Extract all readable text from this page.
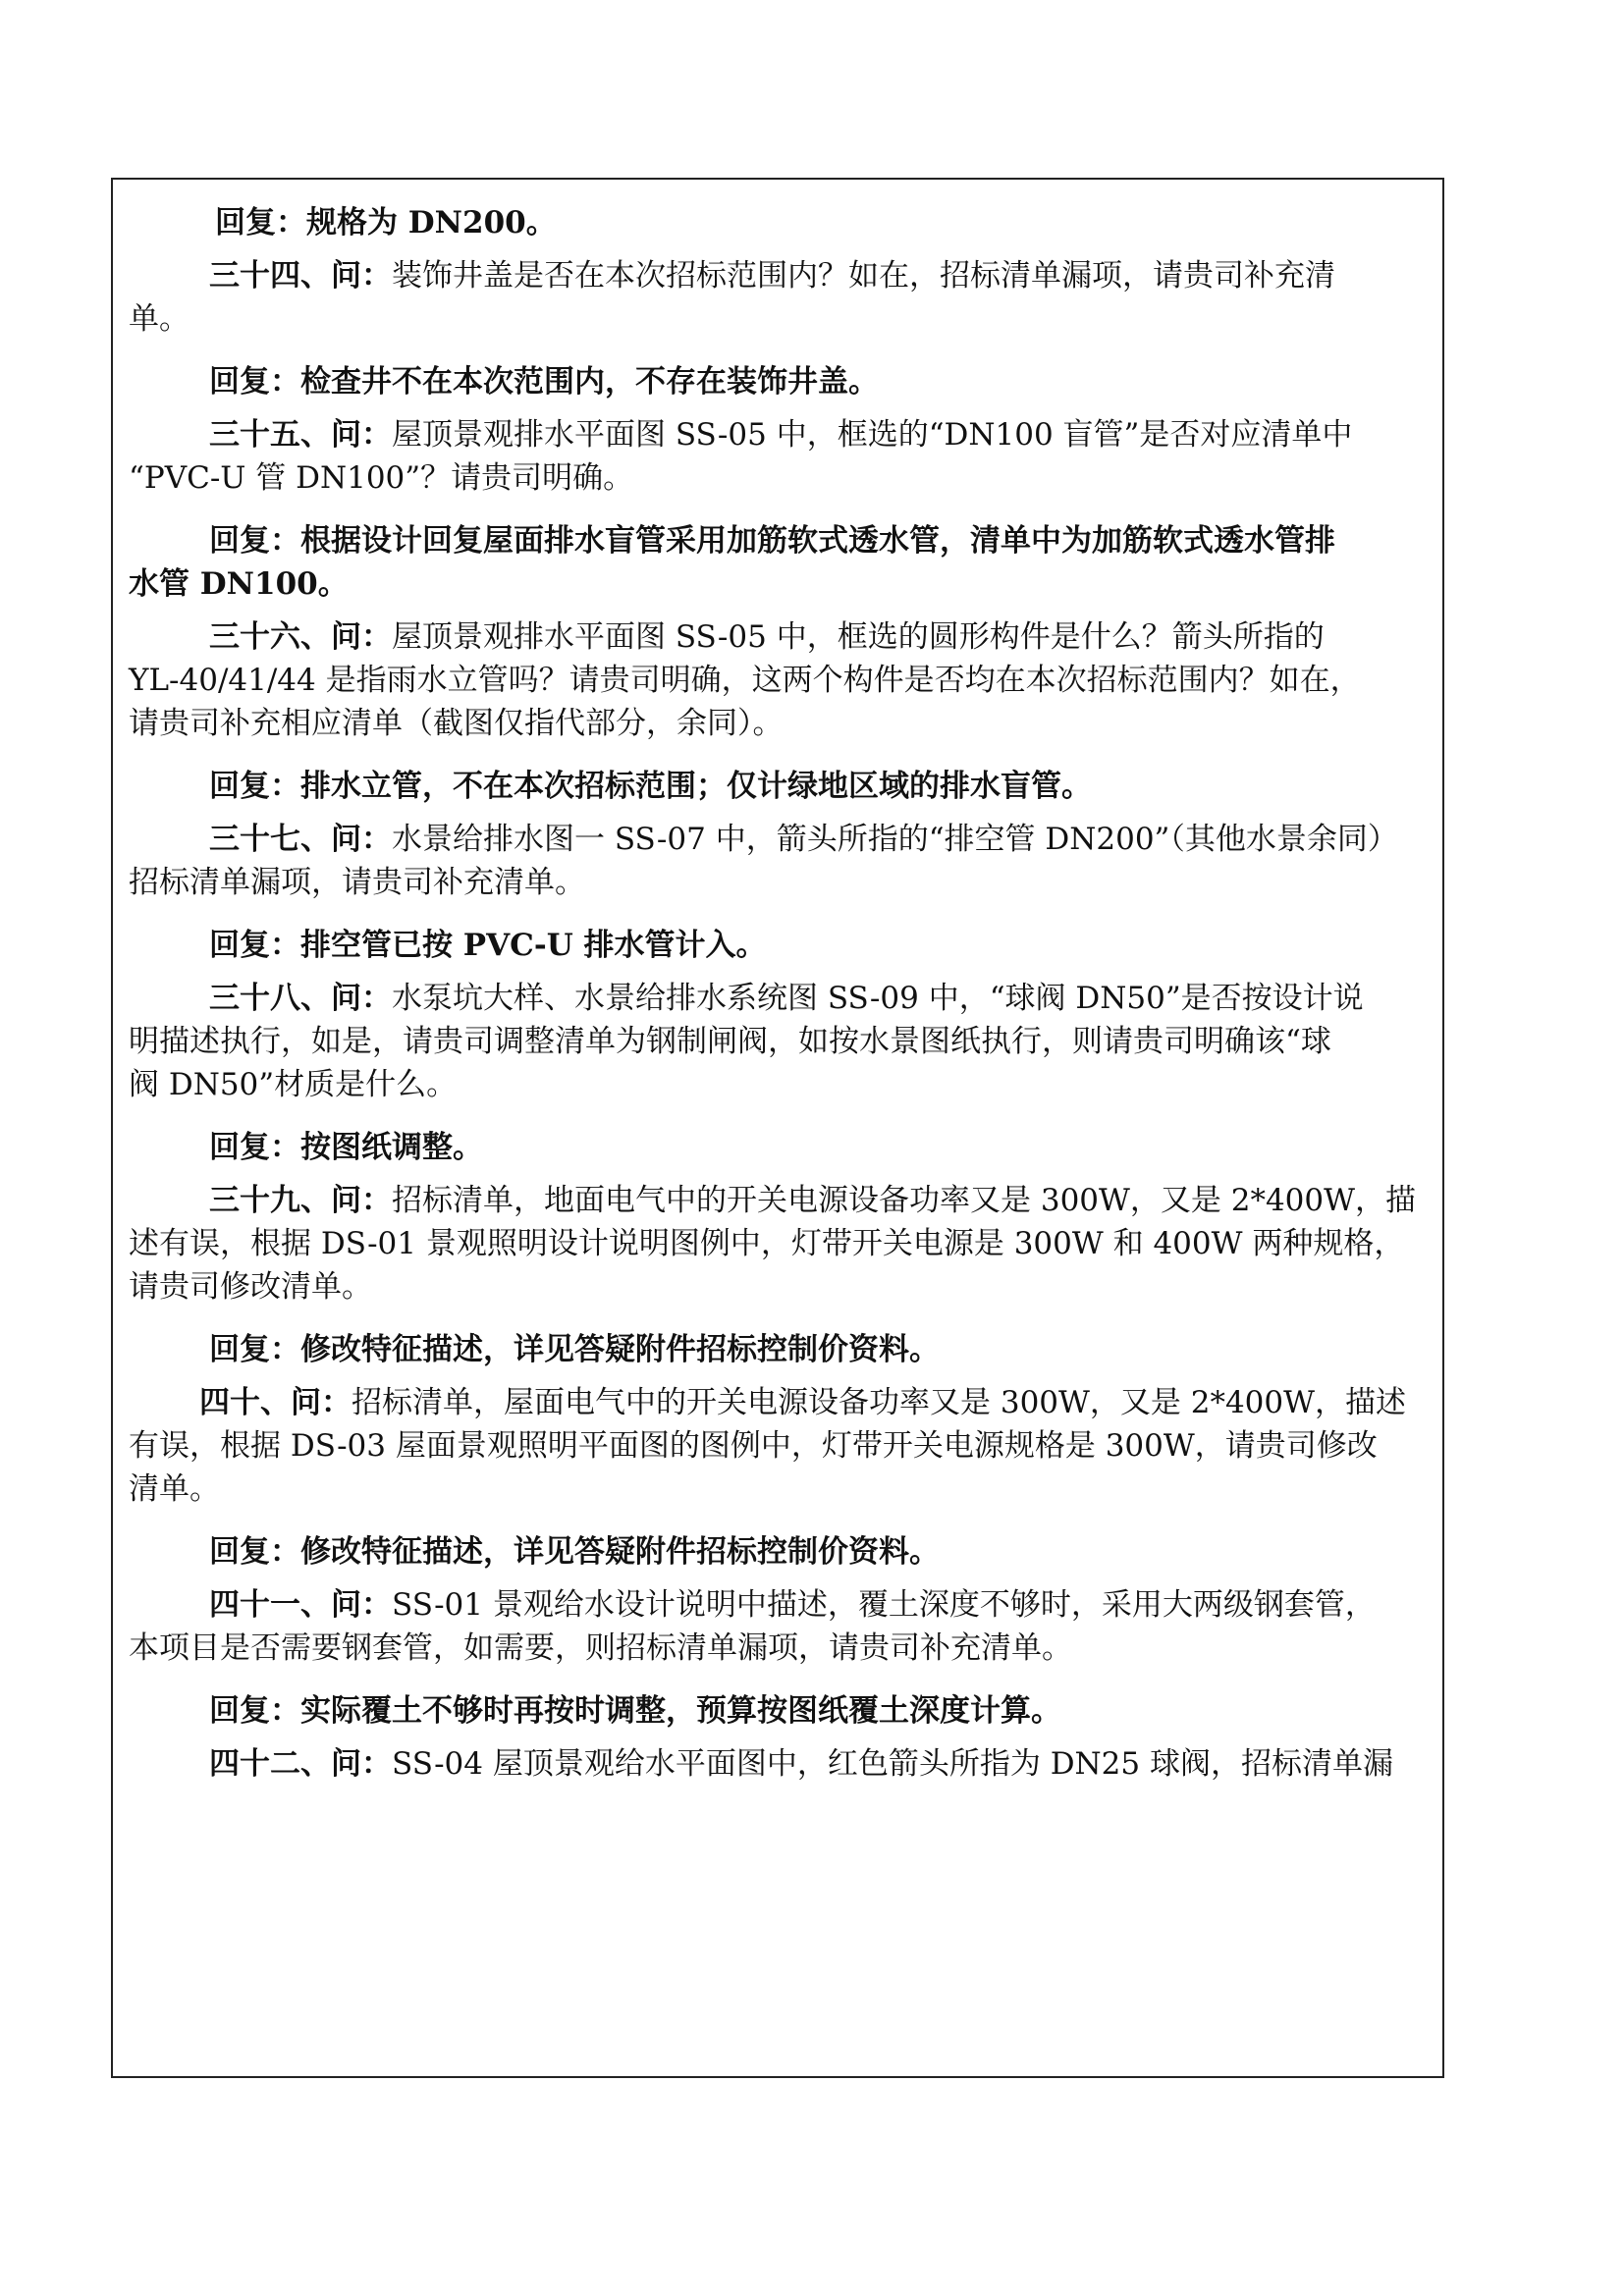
回复：规格为 DN200。
三十四、问：装饰井盖是否在本次招标范围内？如在，招标清单漏项，请贵司补充清
单。
回复：检查井不在本次范围内，不存在装饰井盖。
三十五、问：屋顶景观排水平面图 SS-05 中，框选的“DN100 盲管”是否对应清单中
“PVC-U 管 DN100”？请贵司明确。
回复：根据设计回复屋面排水盲管采用加筋软式透水管，清单中为加筋软式透水管排
水管 DN100。
三十六、问：屋顶景观排水平面图 SS-05 中，框选的圆形构件是什么？箭头所指的
YL-40/41/44 是指雨水立管吗？请贵司明确，这两个构件是否均在本次招标范围内？如在，
请贵司补充相应清单（截图仅指代部分，余同）。
回复：排水立管，不在本次招标范围；仅计绿地区域的排水盲管。
三十七、问：水景给排水图一 SS-07 中，箭头所指的“排空管 DN200”（其他水景余同）
招标清单漏项，请贵司补充清单。
回复：排空管已按 PVC-U 排水管计入。
三十八、问：水泵坑大样、水景给排水系统图 SS-09 中，“球阀 DN50”是否按设计说
明描述执行，如是，请贵司调整清单为钢制闸阀，如按水景图纸执行，则请贵司明确该“球
阀 DN50”材质是什么。
回复：按图纸调整。
三十九、问：招标清单，地面电气中的开关电源设备功率又是 300W，又是 2*400W，描
述有误，根据 DS-01 景观照明设计说明图例中，灯带开关电源是 300W 和 400W 两种规格，
请贵司修改清单。
回复：修改特征描述，详见答疑附件招标控制价资料。
四十、问：招标清单，屋面电气中的开关电源设备功率又是 300W，又是 2*400W，描述
有误，根据 DS-03 屋面景观照明平面图的图例中，灯带开关电源规格是 300W，请贵司修改
清单。
回复：修改特征描述，详见答疑附件招标控制价资料。
四十一、问：SS-01 景观给水设计说明中描述，覆土深度不够时，采用大两级钢套管，
本项目是否需要钢套管，如需要，则招标清单漏项，请贵司补充清单。
回复：实际覆土不够时再按时调整，预算按图纸覆土深度计算。
四十二、问：SS-04 屋顶景观给水平面图中，红色箭头所指为 DN25 球阀，招标清单漏
